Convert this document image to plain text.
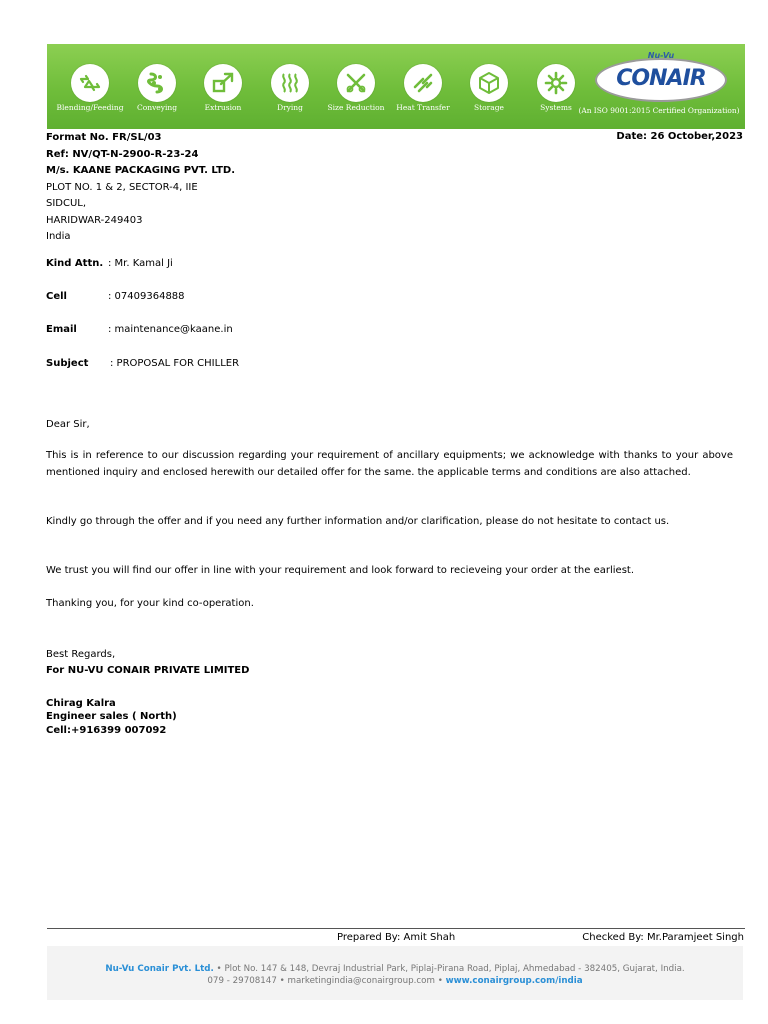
Blending/Feeding	Conveying	Extrusion	Drying	Size Reduction	Heat Transfer	Storage	Systems
Nu-Vu
CONAIR
(An ISO 9001:2015 Certified Organization)
Format No. FR/SL/03	Date: 26 October,2023
Ref: NV/QT-N-2900-R-23-24
M/s. KAANE PACKAGING PVT. LTD.
PLOT NO. 1 & 2, SECTOR-4, IIE
SIDCUL,
HARIDWAR-249403
India
Kind Attn. : Mr. Kamal Ji
Cell	: 07409364888
Email	: maintenance@kaane.in
Subject : PROPOSAL FOR CHILLER
Dear Sir,
This is in reference to our discussion regarding your requirement of ancillary equipments; we acknowledge with thanks to your above mentioned inquiry and enclosed herewith our detailed offer for the same. the applicable terms and conditions are also attached.
Kindly go through the offer and if you need any further information and/or clarification, please do not hesitate to contact us.
We trust you will find our offer in line with your requirement and look forward to recieveing your order at the earliest.
Thanking you, for your kind co-operation.
Best Regards,
For NU-VU CONAIR PRIVATE LIMITED
Chirag Kalra
Engineer sales ( North)
Cell:+916399 007092
Prepared By: Amit Shah	Checked By: Mr.Paramjeet Singh
Nu-Vu Conair Pvt. Ltd. • Plot No. 147 & 148, Devraj Industrial Park, Piplaj-Pirana Road, Piplaj, Ahmedabad - 382405, Gujarat, India.
079 - 29708147 • marketingindia@conairgroup.com • www.conairgroup.com/india
